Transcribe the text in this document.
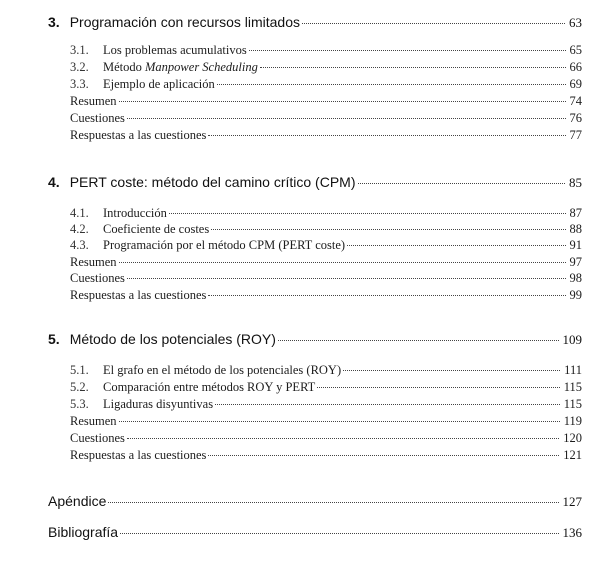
3. Programación con recursos limitados	63
3.1.	Los problemas acumulativos	65
3.2.	Método Manpower Scheduling	66
3.3.	Ejemplo de aplicación	69
Resumen	74
Cuestiones	76
Respuestas a las cuestiones	77
4. PERT coste: método del camino crítico (CPM)	85
4.1.	Introducción	87
4.2.	Coeficiente de costes	88
4.3.	Programación por el método CPM (PERT coste)	91
Resumen	97
Cuestiones	98
Respuestas a las cuestiones	99
5. Método de los potenciales (ROY)	109
5.1.	El grafo en el método de los potenciales (ROY)	111
5.2.	Comparación entre métodos ROY y PERT	115
5.3.	Ligaduras disyuntivas	115
Resumen	119
Cuestiones	120
Respuestas a las cuestiones	121
Apéndice	127
Bibliografía	136
